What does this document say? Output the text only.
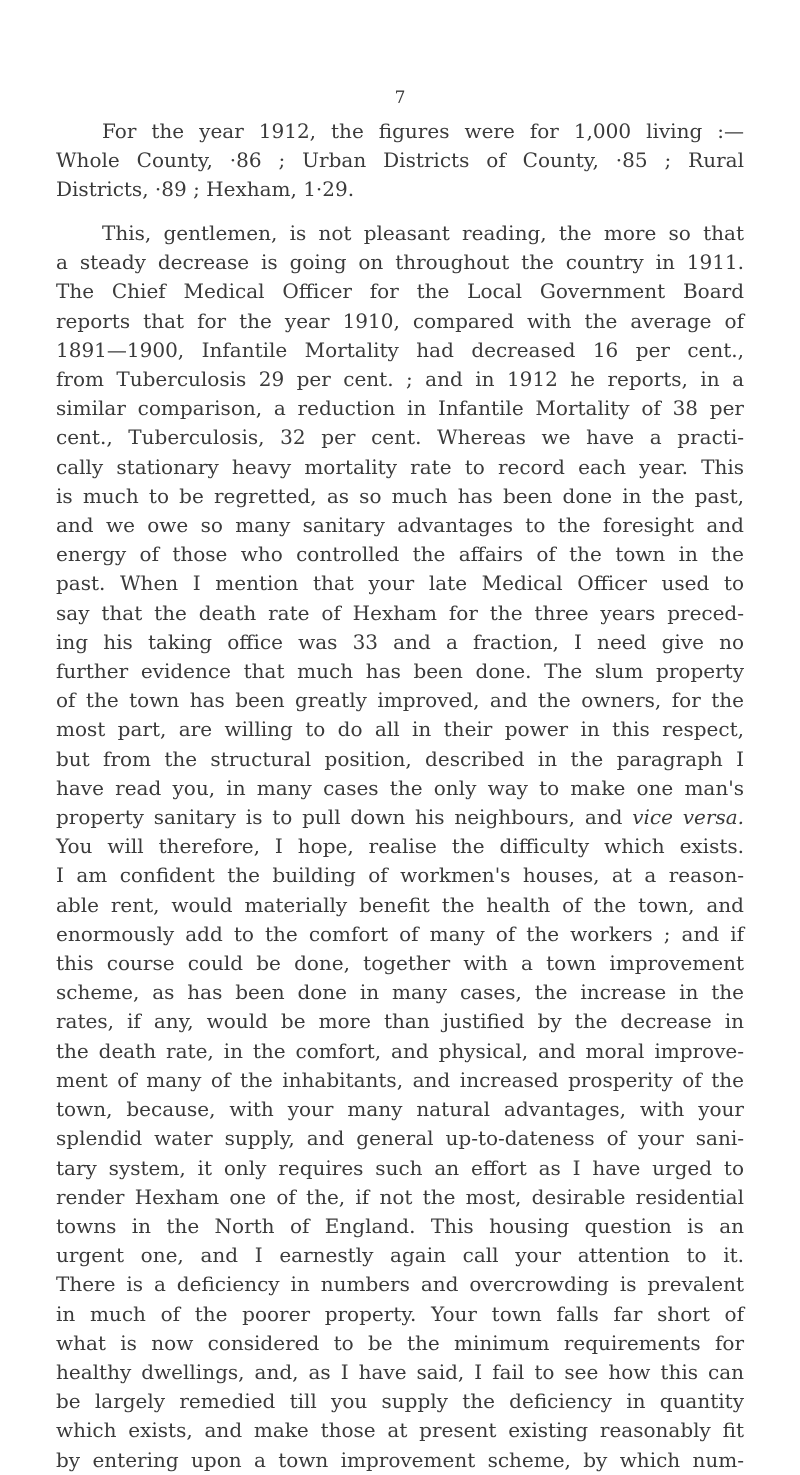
7
For the year 1912, the figures were for 1,000 living :—
Whole County, ·86 ; Urban Districts of County, ·85 ; Rural
Districts, ·89 ; Hexham, 1·29.
This, gentlemen, is not pleasant reading, the more so that
a steady decrease is going on throughout the country in 1911.
The Chief Medical Officer for the Local Government Board
reports that for the year 1910, compared with the average of
1891—1900, Infantile Mortality had decreased 16 per cent.,
from Tuberculosis 29 per cent. ; and in 1912 he reports, in a
similar comparison, a reduction in Infantile Mortality of 38 per
cent., Tuberculosis, 32 per cent. Whereas we have a practi-
cally stationary heavy mortality rate to record each year. This
is much to be regretted, as so much has been done in the past,
and we owe so many sanitary advantages to the foresight and
energy of those who controlled the affairs of the town in the
past. When I mention that your late Medical Officer used to
say that the death rate of Hexham for the three years preced-
ing his taking office was 33 and a fraction, I need give no
further evidence that much has been done. The slum property
of the town has been greatly improved, and the owners, for the
most part, are willing to do all in their power in this respect,
but from the structural position, described in the paragraph I
have read you, in many cases the only way to make one man's
property sanitary is to pull down his neighbours, and vice versa.
You will therefore, I hope, realise the difficulty which exists.
I am confident the building of workmen's houses, at a reason-
able rent, would materially benefit the health of the town, and
enormously add to the comfort of many of the workers ; and if
this course could be done, together with a town improvement
scheme, as has been done in many cases, the increase in the
rates, if any, would be more than justified by the decrease in
the death rate, in the comfort, and physical, and moral improve-
ment of many of the inhabitants, and increased prosperity of the
town, because, with your many natural advantages, with your
splendid water supply, and general up-to-dateness of your sani-
tary system, it only requires such an effort as I have urged to
render Hexham one of the, if not the most, desirable residential
towns in the North of England. This housing question is an
urgent one, and I earnestly again call your attention to it.
There is a deficiency in numbers and overcrowding is prevalent
in much of the poorer property. Your town falls far short of
what is now considered to be the minimum requirements for
healthy dwellings, and, as I have said, I fail to see how this can
be largely remedied till you supply the deficiency in quantity
which exists, and make those at present existing reasonably fit
by entering upon a town improvement scheme, by which num-
